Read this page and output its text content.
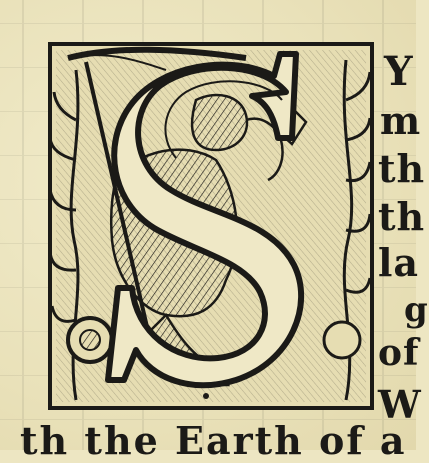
Y
m
th
th
la
g
of
W
th the Earth of a
